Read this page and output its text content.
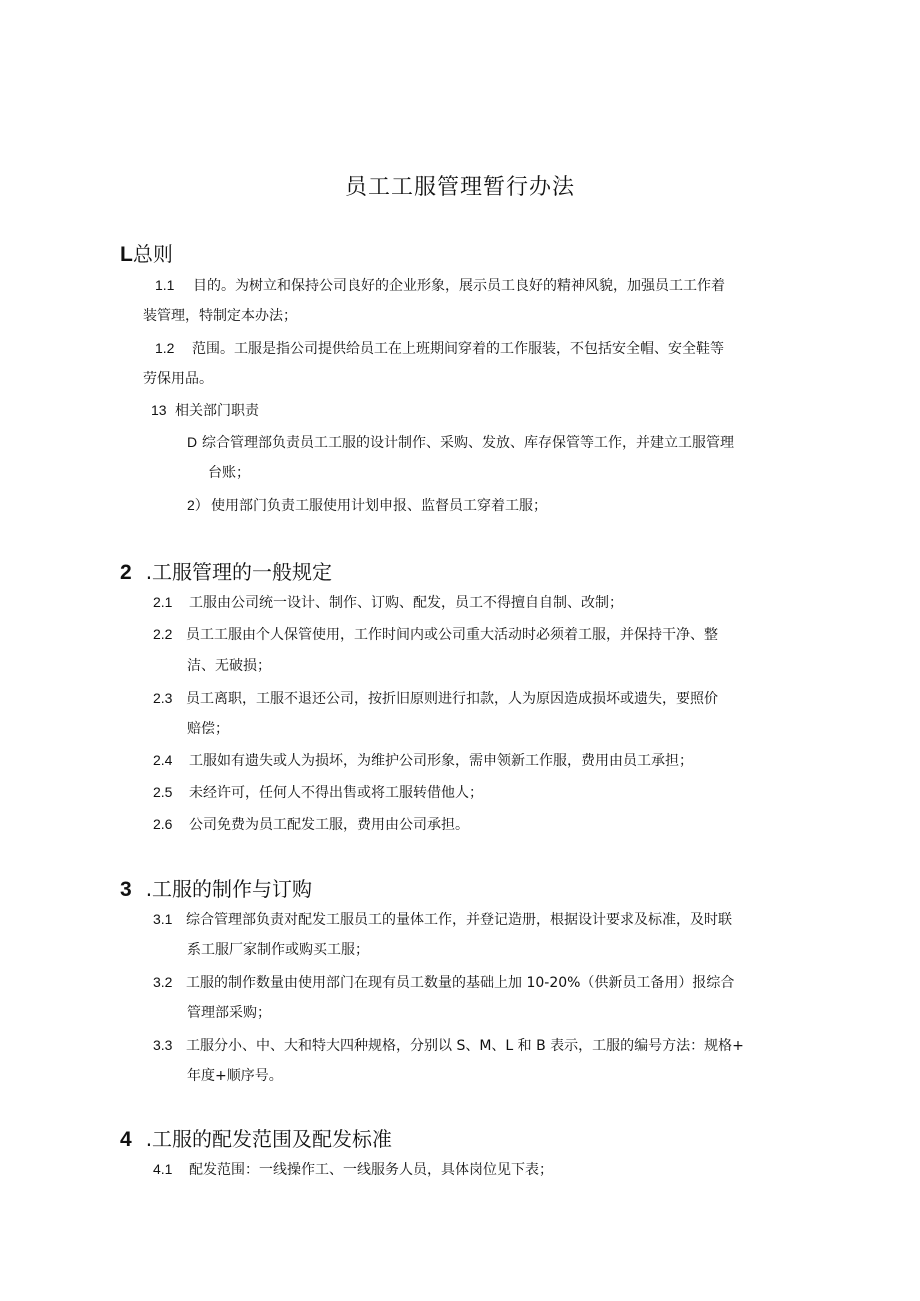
员工工服管理暂行办法
L总则

1.1 目的。为树立和保持公司良好的企业形象，展示员工良好的精神风貌，加强员工工作着

装管理，特制定本办法；

1.2 范围。工服是指公司提供给员工在上班期间穿着的工作服装，不包括安全帽、安全鞋等

劳保用品。

13 相关部门职责

D 综合管理部负责员工工服的设计制作、采购、发放、库存保管等工作，并建立工服管理

台账；

2） 使用部门负责工服使用计划申报、监督员工穿着工服；

2 .工服管理的一般规定

2.1 工服由公司统一设计、制作、订购、配发，员工不得擅自自制、改制；

2.2 员工工服由个人保管使用，工作时间内或公司重大活动时必须着工服，并保持干净、整

洁、无破损；

2.3 员工离职，工服不退还公司，按折旧原则进行扣款，人为原因造成损坏或遗失，要照价

赔偿；

2.4 工服如有遗失或人为损坏，为维护公司形象，需申领新工作服，费用由员工承担；

2.5 未经许可，任何人不得出售或将工服转借他人；

2.6 公司免费为员工配发工服，费用由公司承担。

3 .工服的制作与订购

3.1 综合管理部负责对配发工服员工的量体工作，并登记造册，根据设计要求及标准，及时联

系工服厂家制作或购买工服；

3.2 工服的制作数量由使用部门在现有员工数量的基础上加 10-20%（供新员工备用）报综合

管理部采购；

3.3 工服分小、中、大和特大四种规格，分别以 S、M、L 和 B 表示，工服的编号方法：规格+

年度+顺序号。

4 .工服的配发范围及配发标准

4.1 配发范围：一线操作工、一线服务人员，具体岗位见下表；
